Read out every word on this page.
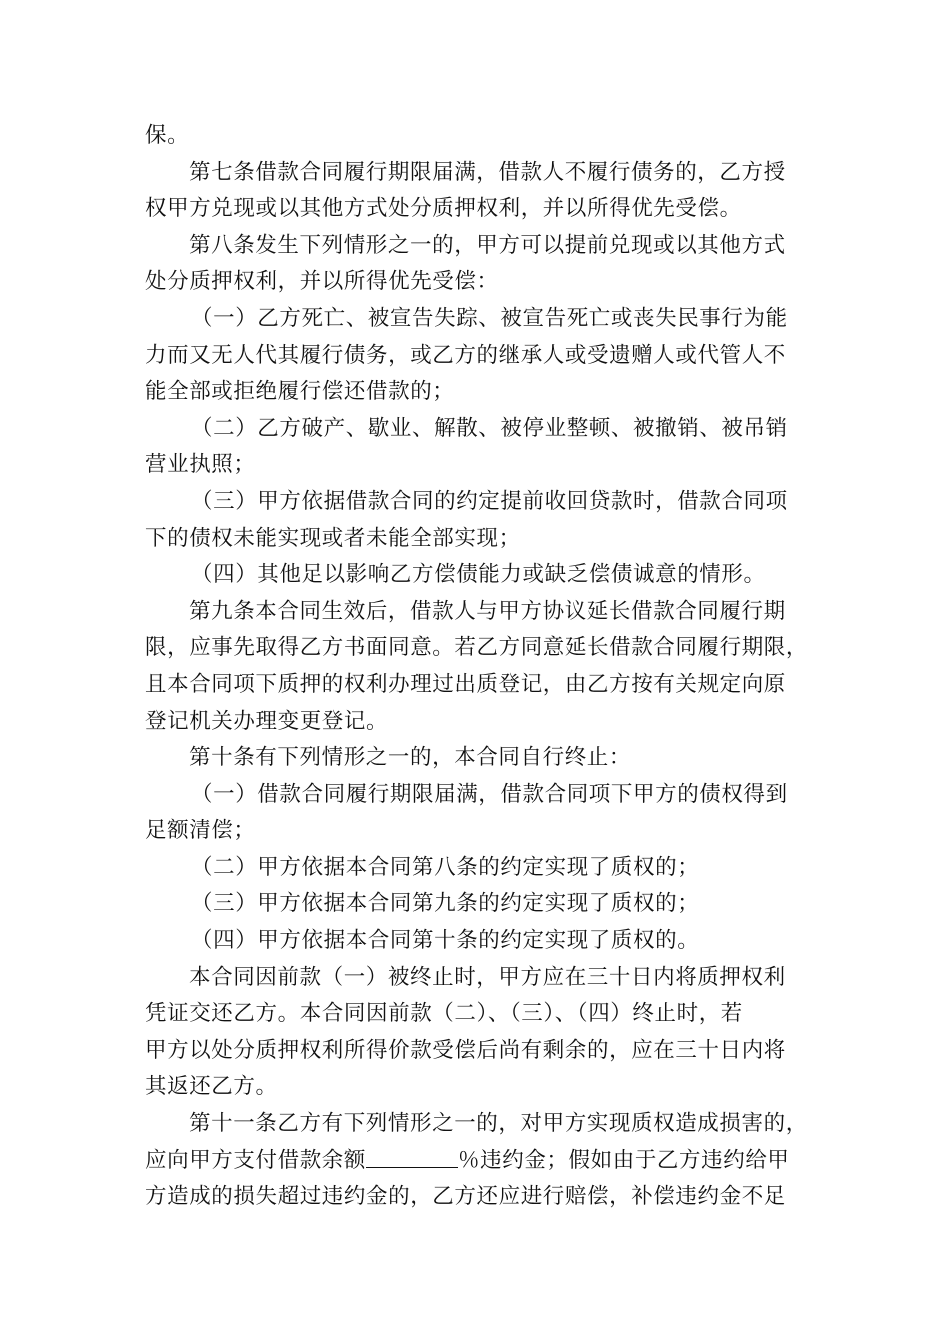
保。
第七条借款合同履行期限届满，借款人不履行债务的，乙方授
权甲方兑现或以其他方式处分质押权利，并以所得优先受偿。
第八条发生下列情形之一的，甲方可以提前兑现或以其他方式
处分质押权利，并以所得优先受偿：
（一）乙方死亡、被宣告失踪、被宣告死亡或丧失民事行为能
力而又无人代其履行债务，或乙方的继承人或受遗赠人或代管人不
能全部或拒绝履行偿还借款的；
（二）乙方破产、歇业、解散、被停业整顿、被撤销、被吊销
营业执照；
（三）甲方依据借款合同的约定提前收回贷款时，借款合同项
下的债权未能实现或者未能全部实现；
（四）其他足以影响乙方偿债能力或缺乏偿债诚意的情形。
第九条本合同生效后，借款人与甲方协议延长借款合同履行期
限，应事先取得乙方书面同意。若乙方同意延长借款合同履行期限，
且本合同项下质押的权利办理过出质登记，由乙方按有关规定向原
登记机关办理变更登记。
第十条有下列情形之一的，本合同自行终止：
（一）借款合同履行期限届满，借款合同项下甲方的债权得到
足额清偿；
（二）甲方依据本合同第八条的约定实现了质权的；
（三）甲方依据本合同第九条的约定实现了质权的；
（四）甲方依据本合同第十条的约定实现了质权的。
本合同因前款（一）被终止时，甲方应在三十日内将质押权利
凭证交还乙方。本合同因前款（二）、（三）、（四）终止时，若
甲方以处分质押权利所得价款受偿后尚有剩余的，应在三十日内将
其返还乙方。
第十一条乙方有下列情形之一的，对甲方实现质权造成损害的，
应向甲方支付借款余额	％违约金；假如由于乙方违约给甲
方造成的损失超过违约金的，乙方还应进行赔偿，补偿违约金不足
